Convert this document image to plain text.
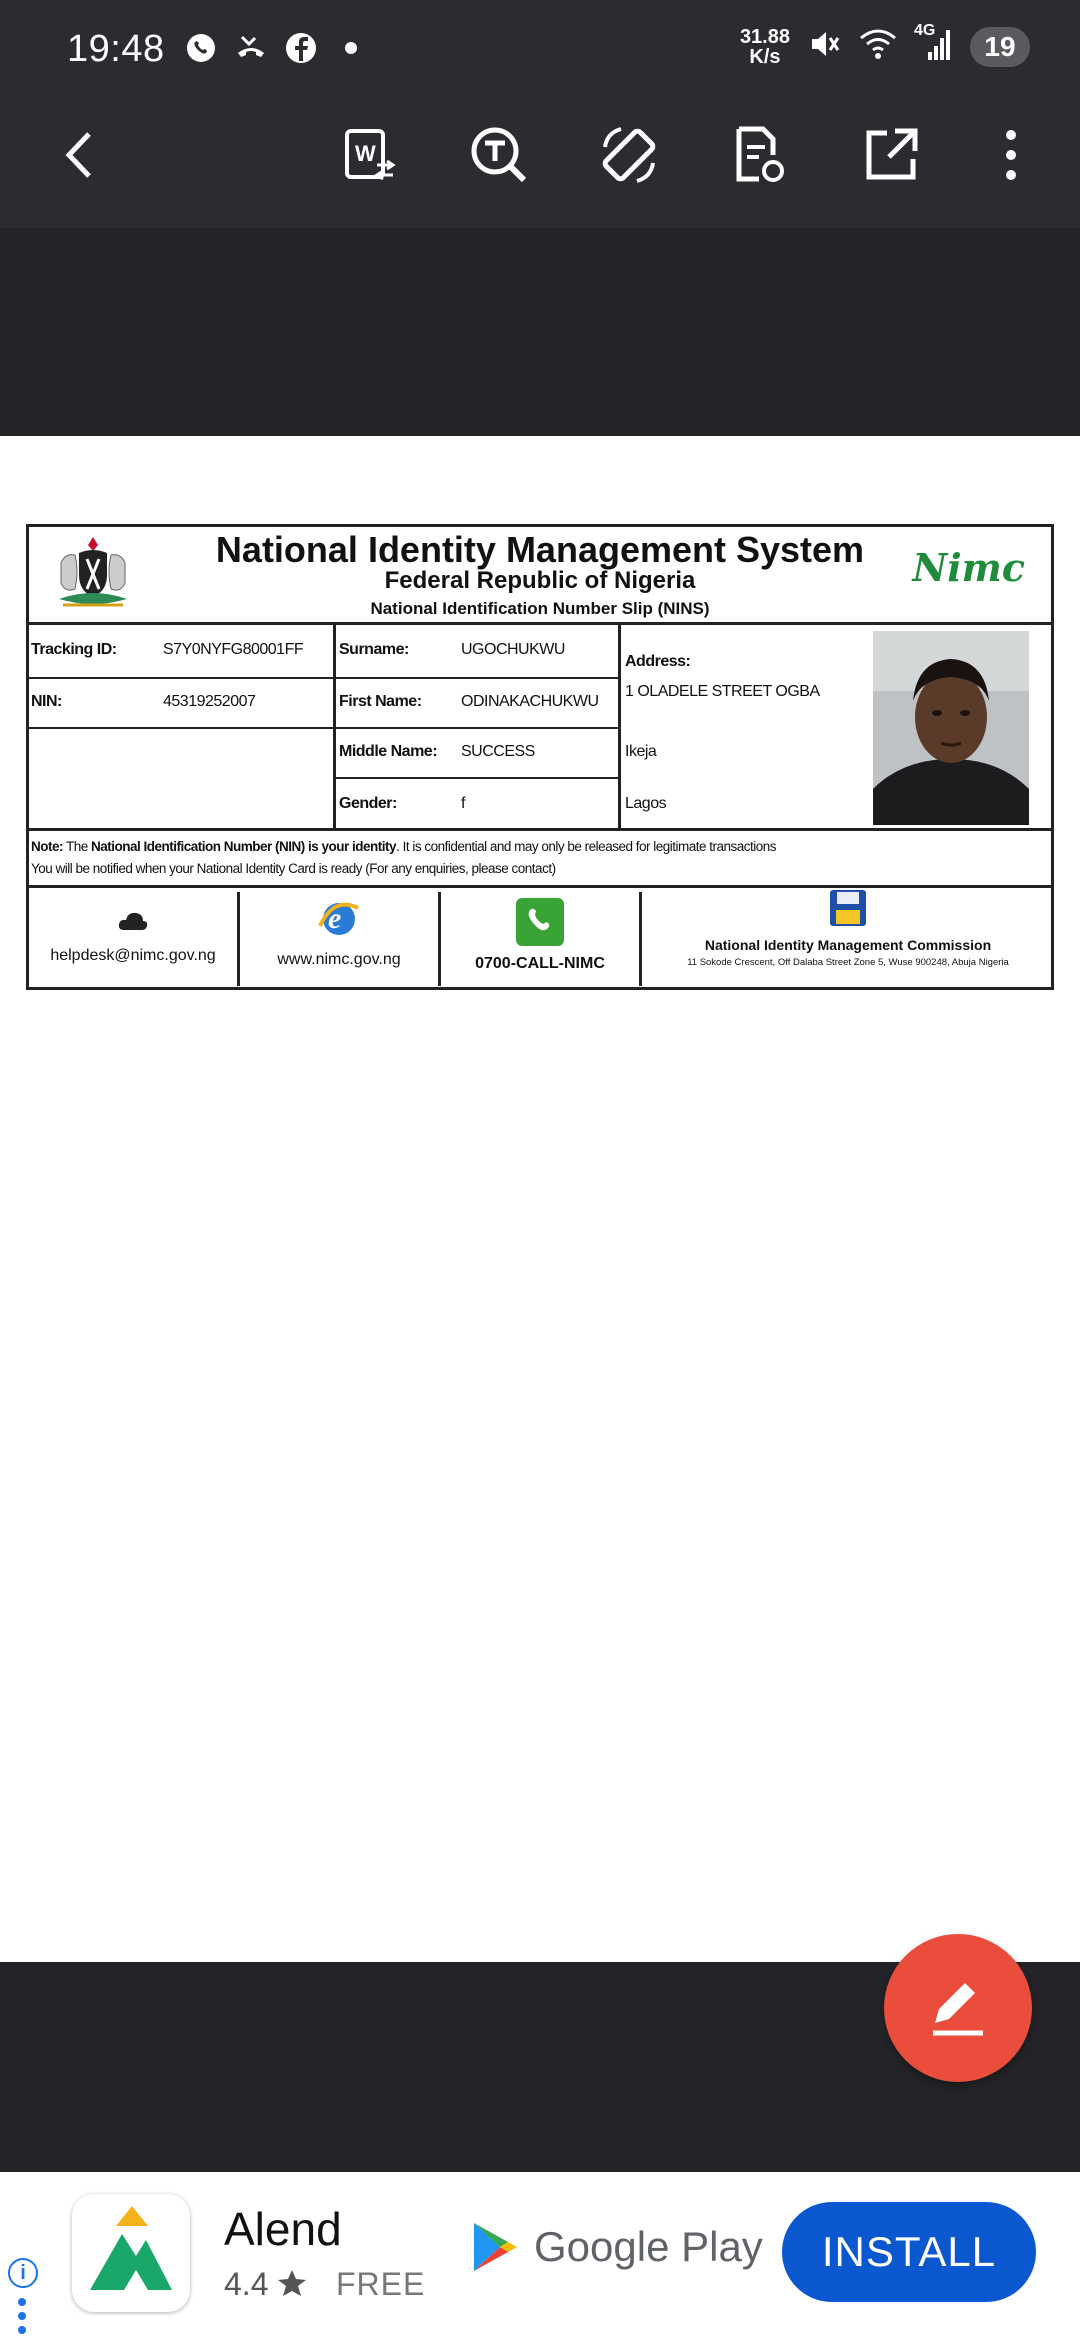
19:48	31.88
K/s
4G	19
W
National Identity Management System
Federal Republic of Nigeria
National Identification Number Slip (NINS)
Nimc
Tracking ID:	S7Y0NYFG80001FF
NIN:	45319252007
Surname:	UGOCHUKWU
First Name: ODINAKACHUKWU
Middle Name: SUCCESS
Gender:	f
Address:
1 OLADELE STREET OGBA
Ikeja
Lagos
Note: The National Identification Number (NIN) is your identity. It is confidential and may only be released for legitimate transactions
You will be notified when your National Identity Card is ready (For any enquiries, please contact)
helpdesk@nimc.gov.ng
e
www.nimc.gov.ng	0700-CALL-NIMC
National Identity Management Commission
11 Sokode Crescent, Off Dalaba Street Zone 5, Wuse 900248, Abuja Nigeria
i
Alend
4.4	FREE
Google Play	INSTALL
